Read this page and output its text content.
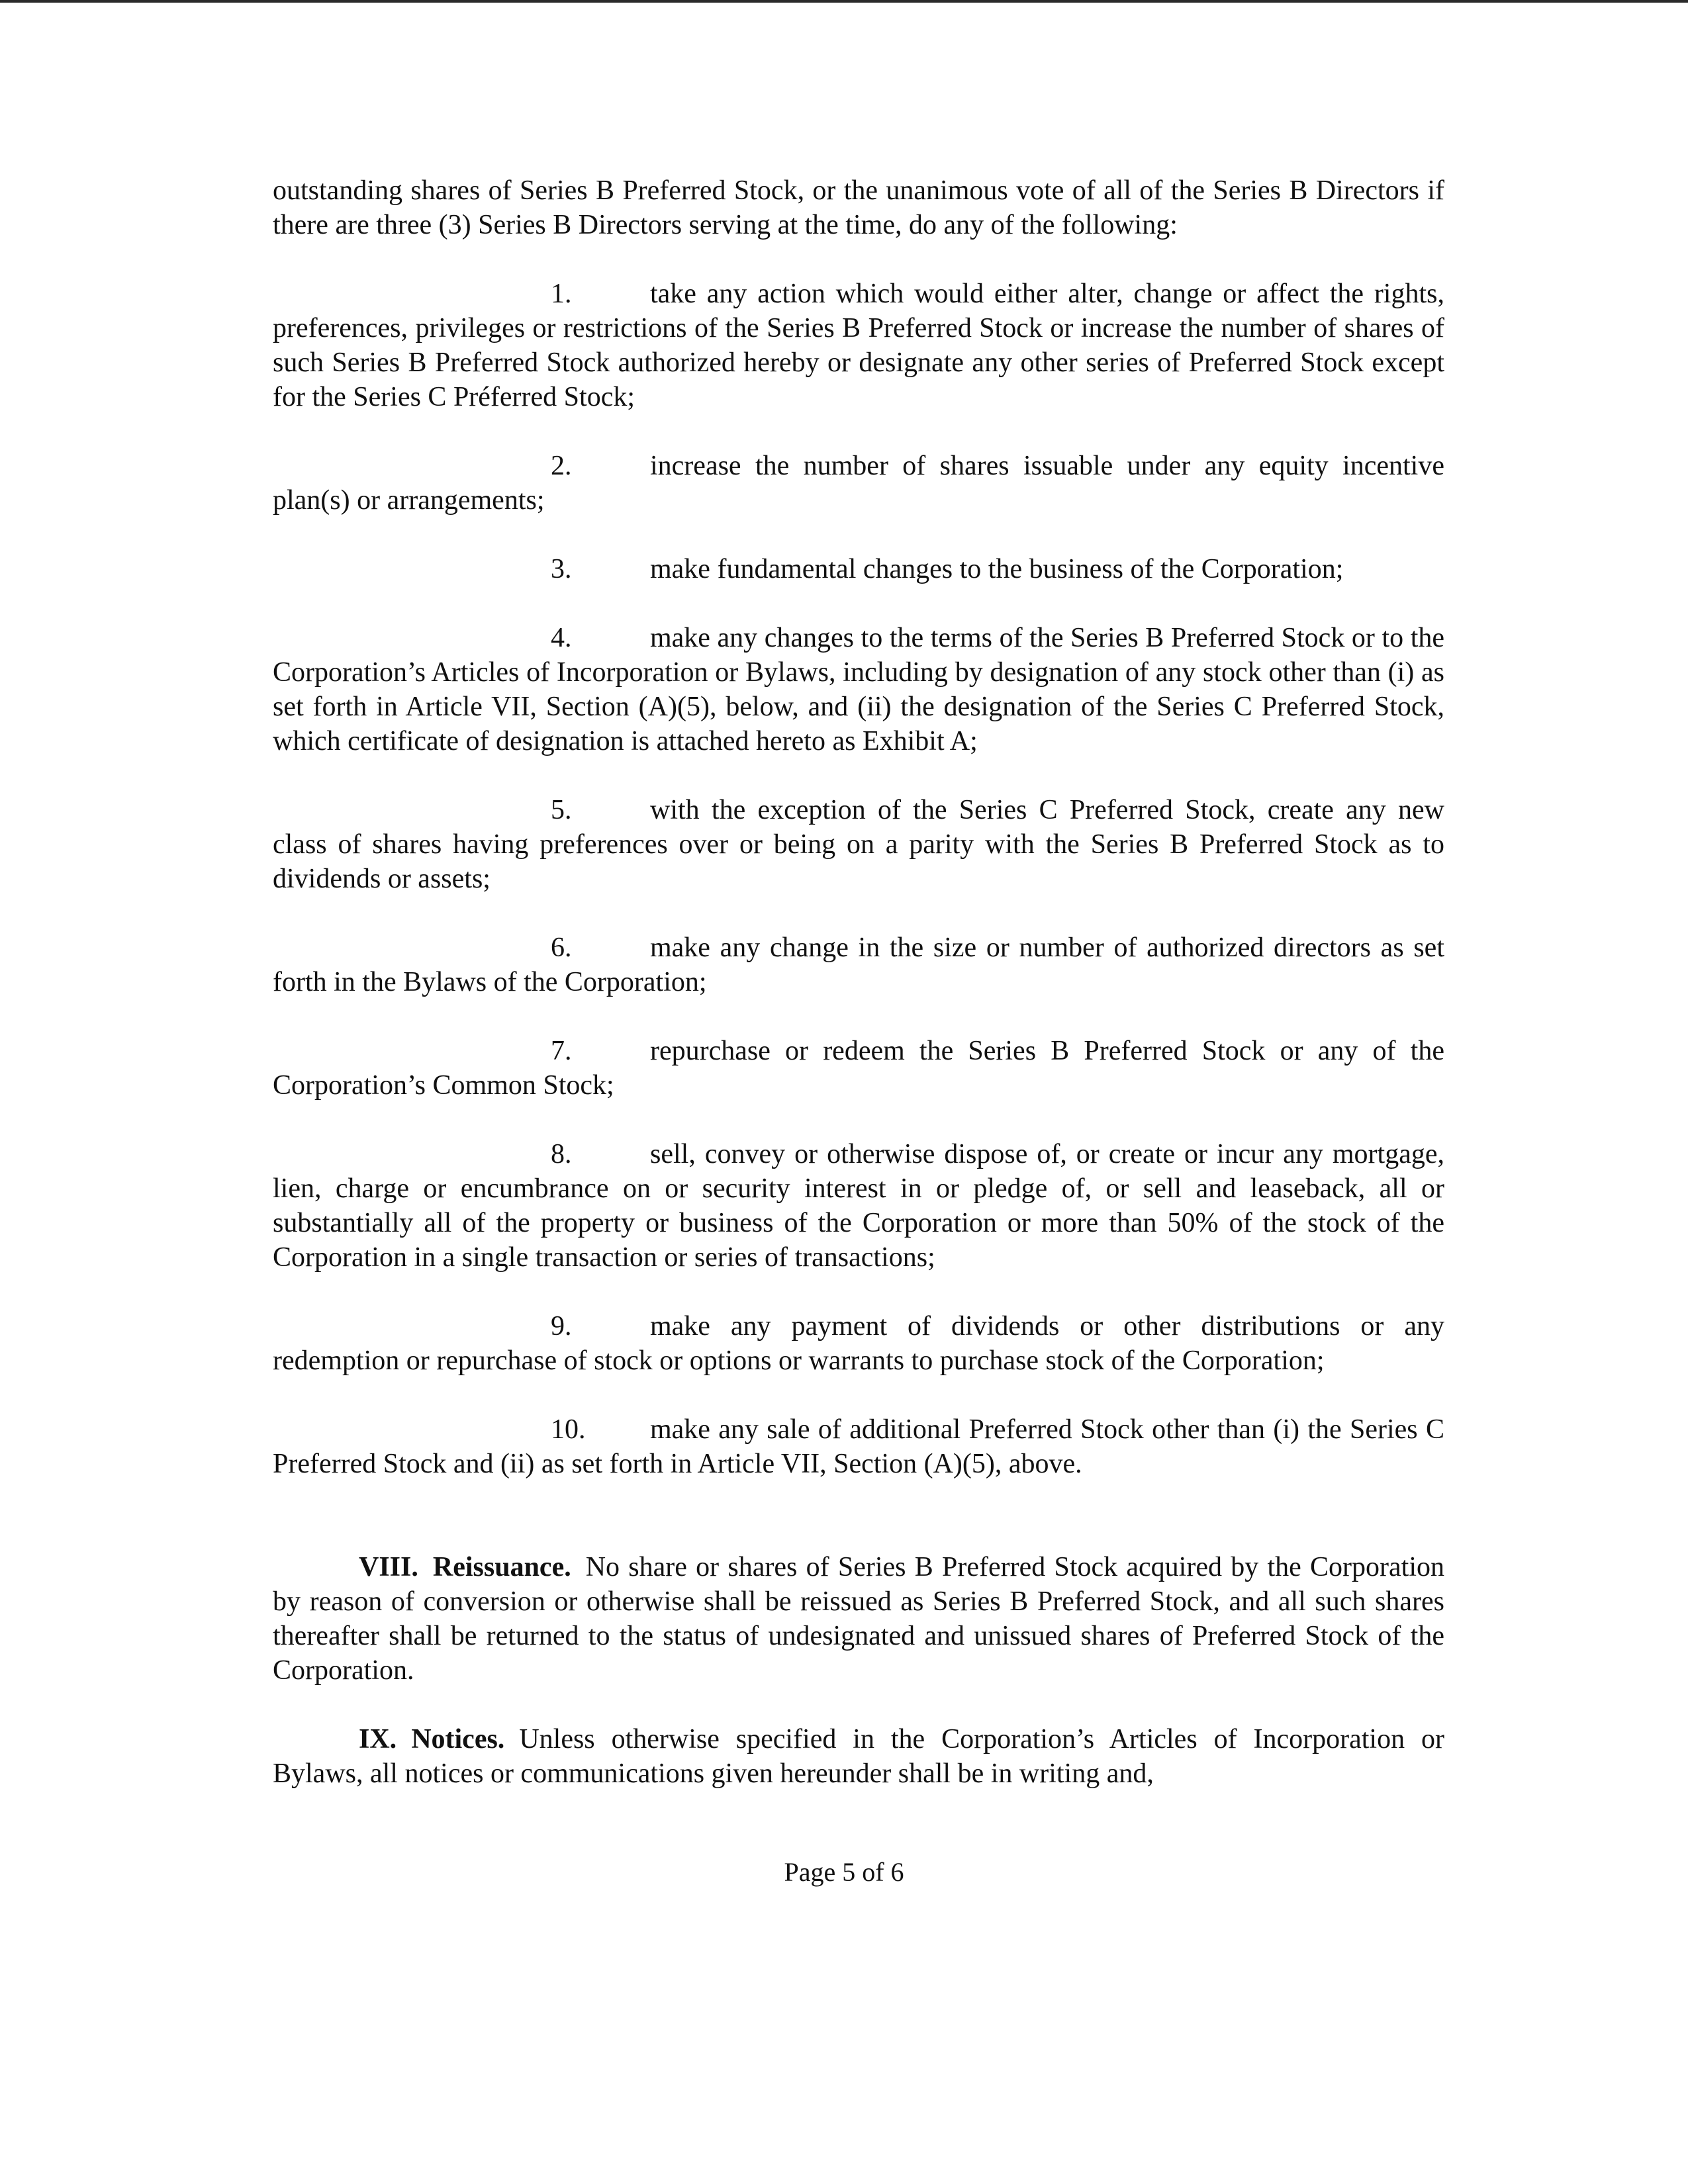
outstanding shares of Series B Preferred Stock, or the unanimous vote of all of the Series B Directors if there are three (3) Series B Directors serving at the time, do any of the following:

1.	take any action which would either alter, change or affect the rights, preferences, privileges or restrictions of the Series B Preferred Stock or increase the number of shares of such Series B Preferred Stock authorized hereby or designate any other series of Preferred Stock except for the Series C Préferred Stock;

2.	increase the number of shares issuable under any equity incentive plan(s) or arrangements;

3.	make fundamental changes to the business of the Corporation;

4.	make any changes to the terms of the Series B Preferred Stock or to the Corporation’s Articles of Incorporation or Bylaws, including by designation of any stock other than (i) as set forth in Article VII, Section (A)(5), below, and (ii) the designation of the Series C Preferred Stock, which certificate of designation is attached hereto as Exhibit A;

5.	with the exception of the Series C Preferred Stock, create any new class of shares having preferences over or being on a parity with the Series B Preferred Stock as to dividends or assets;

6.	make any change in the size or number of authorized directors as set forth in the Bylaws of the Corporation;

7.	repurchase or redeem the Series B Preferred Stock or any of the Corporation’s Common Stock;

8.	sell, convey or otherwise dispose of, or create or incur any mortgage, lien, charge or encumbrance on or security interest in or pledge of, or sell and leaseback, all or substantially all of the property or business of the Corporation or more than 50% of the stock of the Corporation in a single transaction or series of transactions;

9.	make any payment of dividends or other distributions or any redemption or repurchase of stock or options or warrants to purchase stock of the Corporation;

10. make any sale of additional Preferred Stock other than (i) the Series C Preferred Stock and (ii) as set forth in Article VII, Section (A)(5), above.

VIII. Reissuance. No share or shares of Series B Preferred Stock acquired by the Corporation by reason of conversion or otherwise shall be reissued as Series B Preferred Stock, and all such shares thereafter shall be returned to the status of undesignated and unissued shares of Preferred Stock of the Corporation.

IX. Notices. Unless otherwise specified in the Corporation’s Articles of Incorporation or Bylaws, all notices or communications given hereunder shall be in writing and,

Page 5 of 6
